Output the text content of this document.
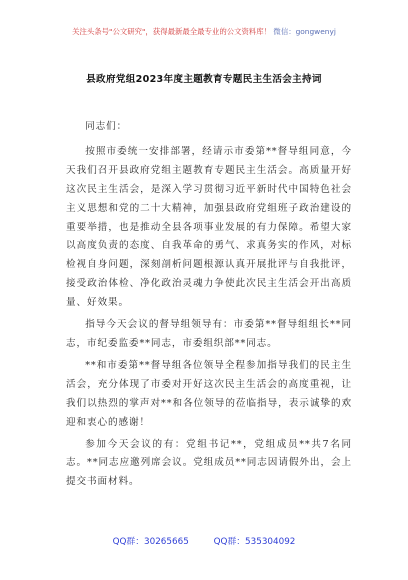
关注头条号"公文研究"，获得最新最全最专业的公文资料库！ 微信：gongwenyj
县政府党组2023年度主题教育专题民主生活会主持词

同志们：

按照市委统一安排部署，经请示市委第**督导组同意，今天我们召开县政府党组主题教育专题民主生活会。高质量开好这次民主生活会，是深入学习贯彻习近平新时代中国特色社会主义思想和党的二十大精神，加强县政府党组班子政治建设的重要举措，也是推动全县各项事业发展的有力保障。希望大家以高度负责的态度、自我革命的勇气、求真务实的作风，对标检视自身问题，深刻剖析问题根源认真开展批评与自我批评，接受政治体检、净化政治灵魂力争使此次民主生活会开出高质量、好效果。

指导今天会议的督导组领导有：市委第**督导组组长**同志，市纪委监委**同志，市委组织部**同志。

**和市委第**督导组各位领导全程参加指导我们的民主生活会，充分体现了市委对开好这次民主生活会的高度重视，让我们以热烈的掌声对**和各位领导的莅临指导，表示诚挚的欢迎和衷心的感谢！

参加今天会议的有：党组书记**，党组成员**共7名同志。**同志应邀列席会议。党组成员**同志因请假外出，会上提交书面材料。

QQ群：30265665	QQ群：535304092
